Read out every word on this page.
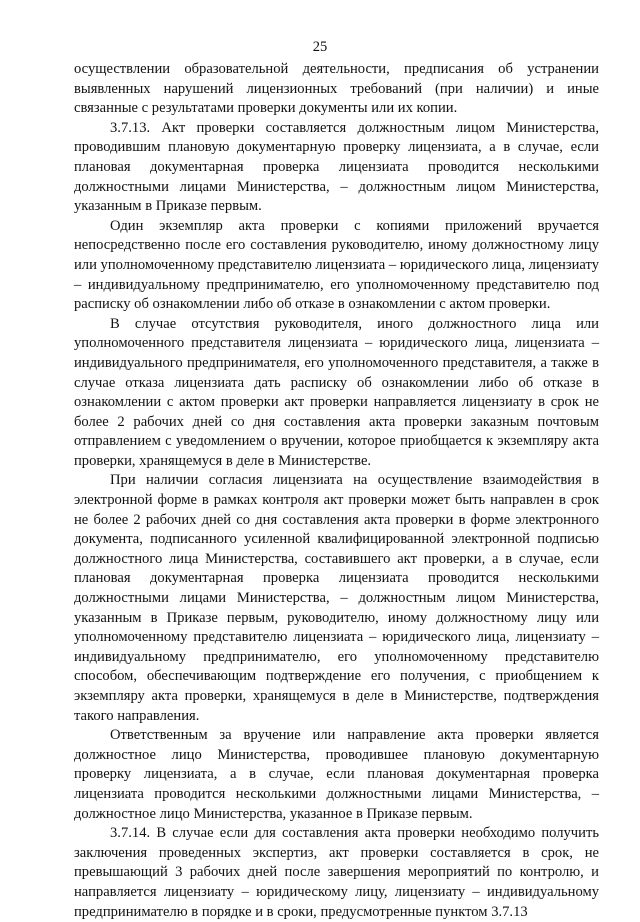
25

осуществлении образовательной деятельности, предписания об устранении выявленных нарушений лицензионных требований (при наличии) и иные связанные с результатами проверки документы или их копии.

3.7.13. Акт проверки составляется должностным лицом Министерства, проводившим плановую документарную проверку лицензиата, а в случае, если плановая документарная проверка лицензиата проводится несколькими должностными лицами Министерства, – должностным лицом Министерства, указанным в Приказе первым.

Один экземпляр акта проверки с копиями приложений вручается непосредственно после его составления руководителю, иному должностному лицу или уполномоченному представителю лицензиата – юридического лица, лицензиату – индивидуальному предпринимателю, его уполномоченному представителю под расписку об ознакомлении либо об отказе в ознакомлении с актом проверки.

В случае отсутствия руководителя, иного должностного лица или уполномоченного представителя лицензиата – юридического лица, лицензиата – индивидуального предпринимателя, его уполномоченного представителя, а также в случае отказа лицензиата дать расписку об ознакомлении либо об отказе в ознакомлении с актом проверки акт проверки направляется лицензиату в срок не более 2 рабочих дней со дня составления акта проверки заказным почтовым отправлением с уведомлением о вручении, которое приобщается к экземпляру акта проверки, хранящемуся в деле в Министерстве.

При наличии согласия лицензиата на осуществление взаимодействия в электронной форме в рамках контроля акт проверки может быть направлен в срок не более 2 рабочих дней со дня составления акта проверки в форме электронного документа, подписанного усиленной квалифицированной электронной подписью должностного лица Министерства, составившего акт проверки, а в случае, если плановая документарная проверка лицензиата проводится несколькими должностными лицами Министерства, – должностным лицом Министерства, указанным в Приказе первым, руководителю, иному должностному лицу или уполномоченному представителю лицензиата – юридического лица, лицензиату – индивидуальному предпринимателю, его уполномоченному представителю способом, обеспечивающим подтверждение его получения, с приобщением к экземпляру акта проверки, хранящемуся в деле в Министерстве, подтверждения такого направления.

Ответственным за вручение или направление акта проверки является должностное лицо Министерства, проводившее плановую документарную проверку лицензиата, а в случае, если плановая документарная проверка лицензиата проводится несколькими должностными лицами Министерства, – должностное лицо Министерства, указанное в Приказе первым.

3.7.14. В случае если для составления акта проверки необходимо получить заключения проведенных экспертиз, акт проверки составляется в срок, не превышающий 3 рабочих дней после завершения мероприятий по контролю, и направляется лицензиату – юридическому лицу, лицензиату – индивидуальному предпринимателю в порядке и в сроки, предусмотренные пунктом 3.7.13
